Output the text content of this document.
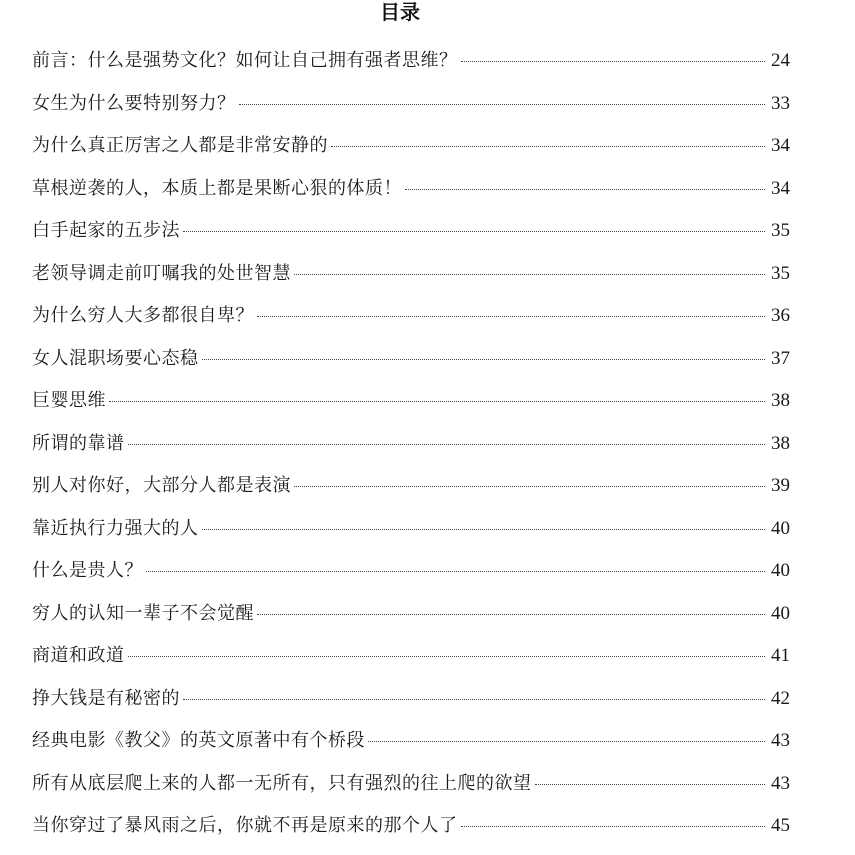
目录
前言：什么是强势文化？如何让自己拥有强者思维？	24
女生为什么要特别努力？	33
为什么真正厉害之人都是非常安静的	34
草根逆袭的人，本质上都是果断心狠的体质！	34
白手起家的五步法	35
老领导调走前叮嘱我的处世智慧	35
为什么穷人大多都很自卑？	36
女人混职场要心态稳	37
巨婴思维	38
所谓的靠谱	38
别人对你好，大部分人都是表演	39
靠近执行力强大的人	40
什么是贵人？	40
穷人的认知一辈子不会觉醒	40
商道和政道	41
挣大钱是有秘密的	42
经典电影《教父》的英文原著中有个桥段	43
所有从底层爬上来的人都一无所有，只有强烈的往上爬的欲望	43
当你穿过了暴风雨之后，你就不再是原来的那个人了	45
